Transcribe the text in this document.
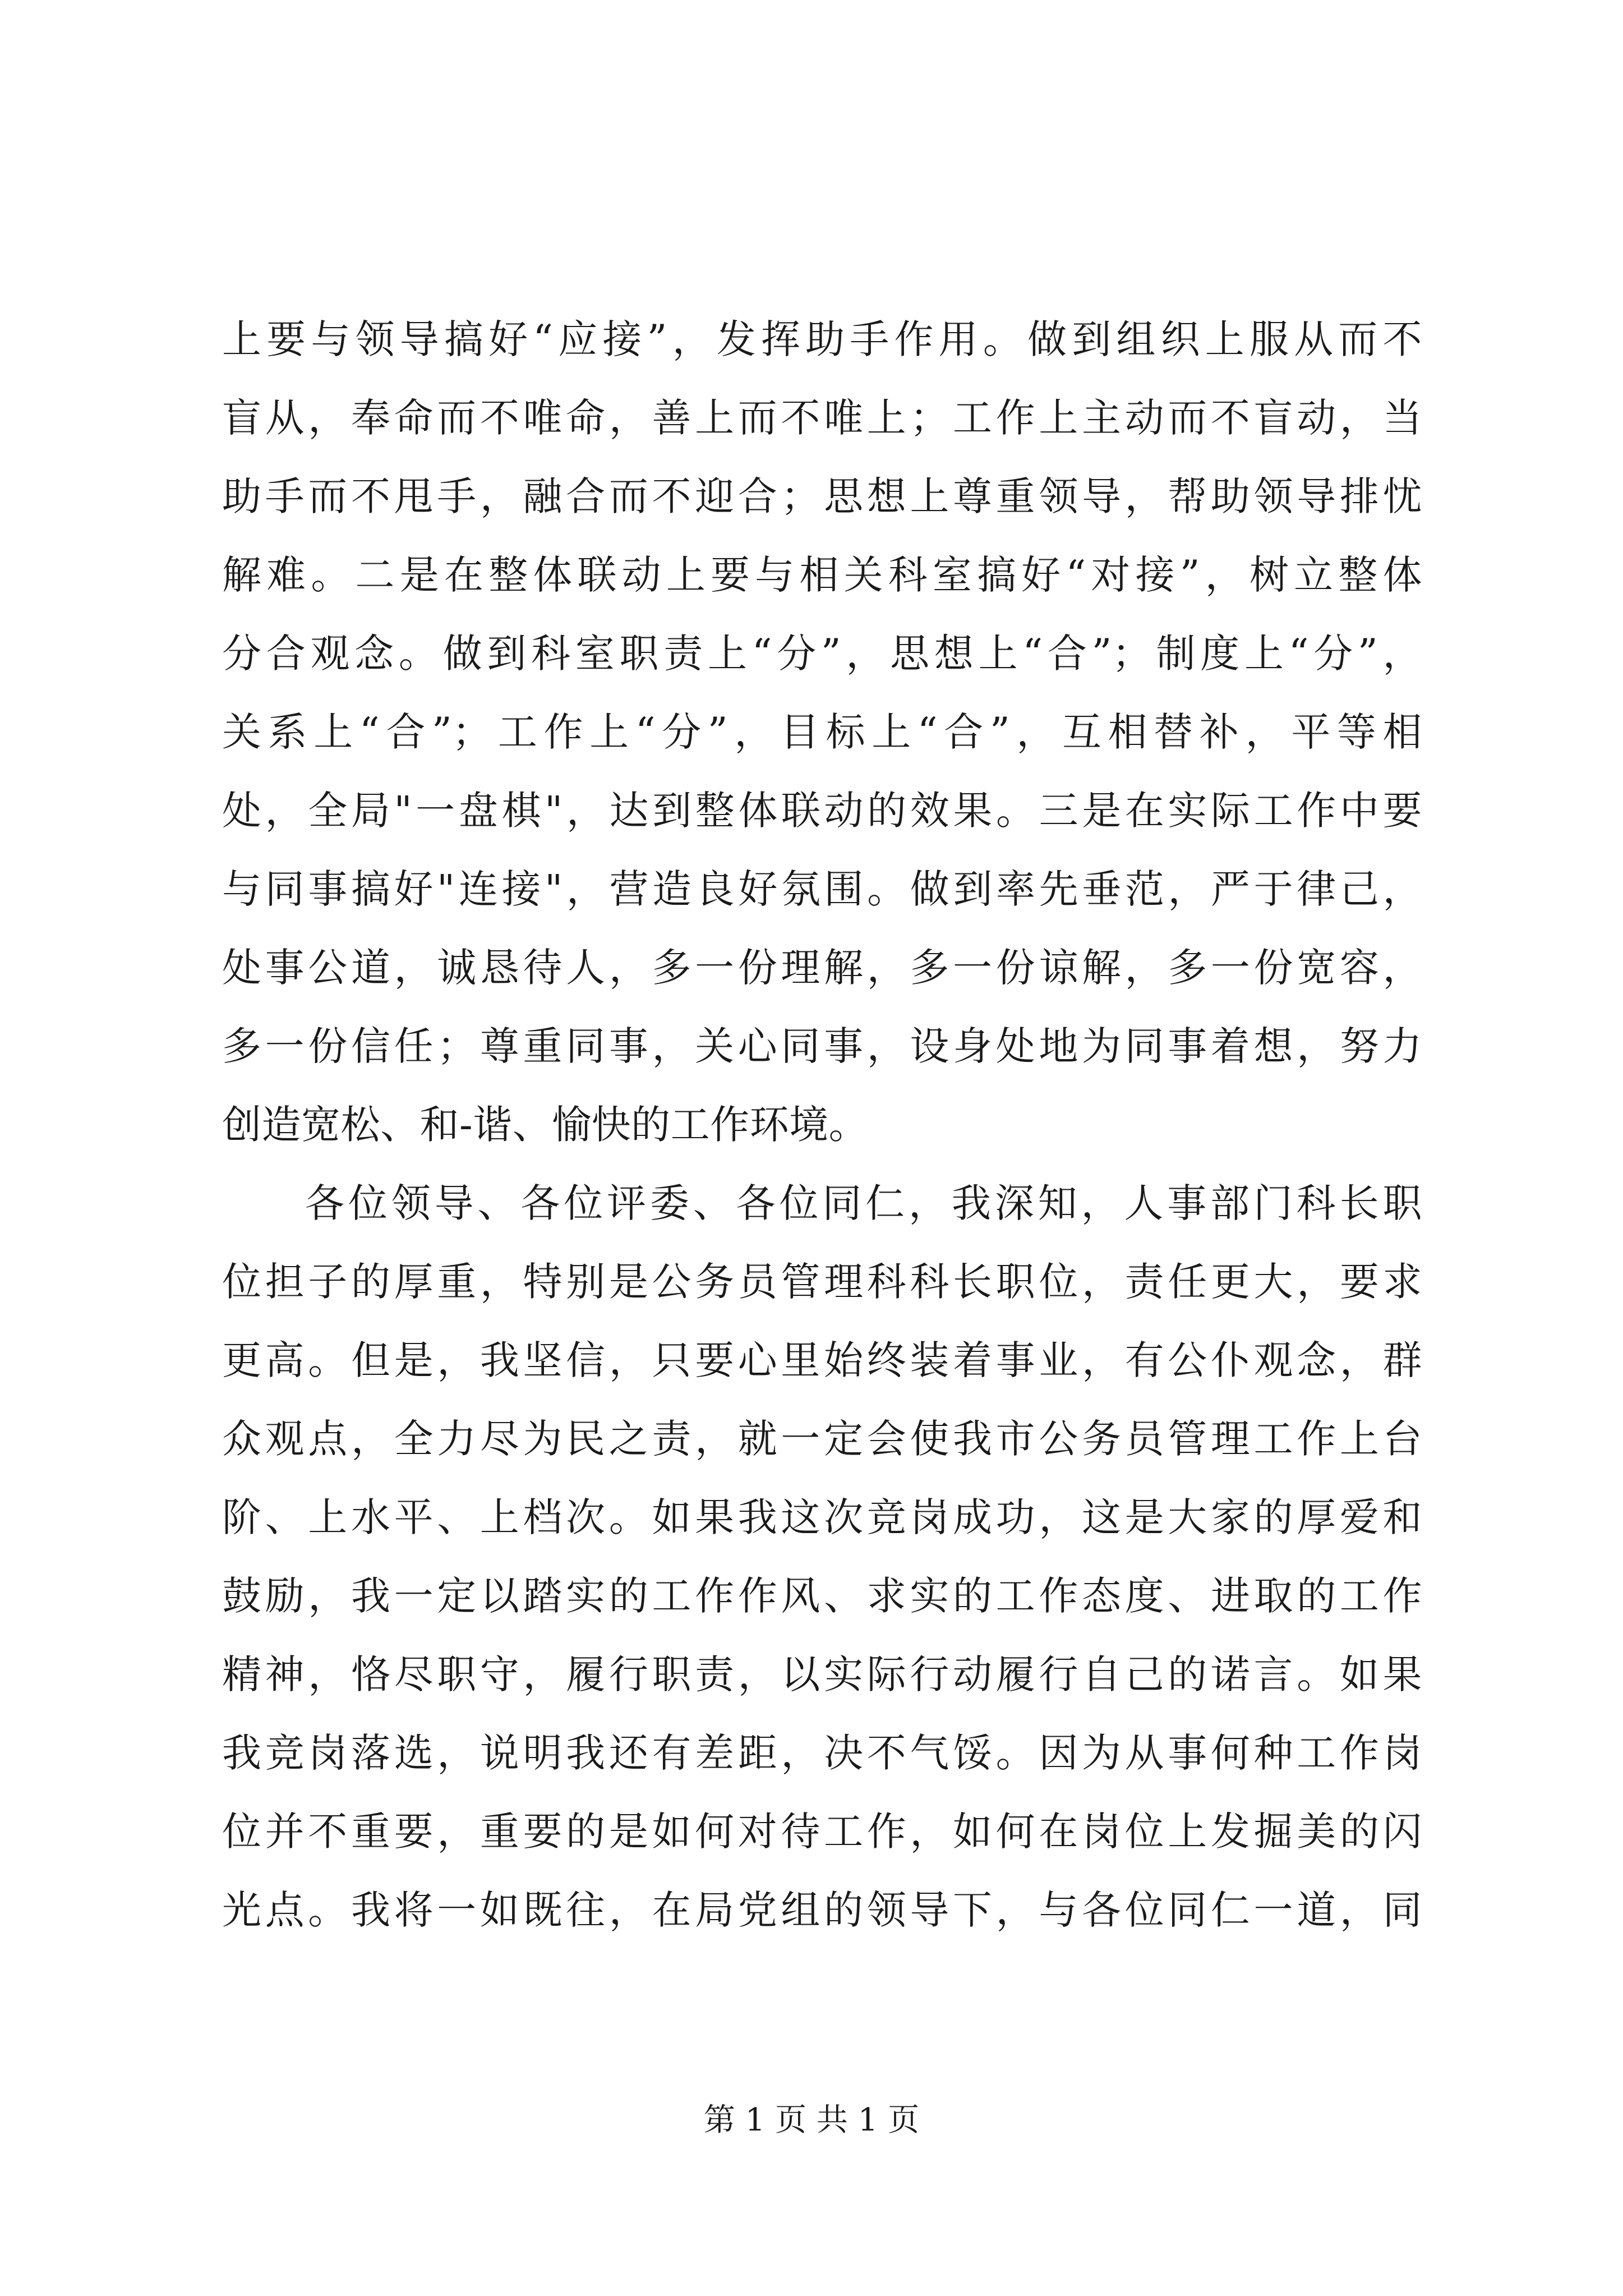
上要与领导搞好“应接”，发挥助手作用。做到组织上服从而不
盲从，奉命而不唯命，善上而不唯上；工作上主动而不盲动，当
助手而不甩手，融合而不迎合；思想上尊重领导，帮助领导排忧
解难。二是在整体联动上要与相关科室搞好“对接”，树立整体
分合观念。做到科室职责上“分”，思想上“合”；制度上“分”，
关系上“合”；工作上“分”，目标上“合”，互相替补，平等相
处，全局"一盘棋"，达到整体联动的效果。三是在实际工作中要
与同事搞好"连接"，营造良好氛围。做到率先垂范，严于律己，
处事公道，诚恳待人，多一份理解，多一份谅解，多一份宽容，
多一份信任；尊重同事，关心同事，设身处地为同事着想，努力
创造宽松、和-谐、愉快的工作环境。
各位领导、各位评委、各位同仁，我深知，人事部门科长职
位担子的厚重，特别是公务员管理科科长职位，责任更大，要求
更高。但是，我坚信，只要心里始终装着事业，有公仆观念，群
众观点，全力尽为民之责，就一定会使我市公务员管理工作上台
阶、上水平、上档次。如果我这次竞岗成功，这是大家的厚爱和
鼓励，我一定以踏实的工作作风、求实的工作态度、进取的工作
精神，恪尽职守，履行职责，以实际行动履行自己的诺言。如果
我竞岗落选，说明我还有差距，决不气馁。因为从事何种工作岗
位并不重要，重要的是如何对待工作，如何在岗位上发掘美的闪
光点。我将一如既往，在局党组的领导下，与各位同仁一道，同
第 1 页 共 1 页
